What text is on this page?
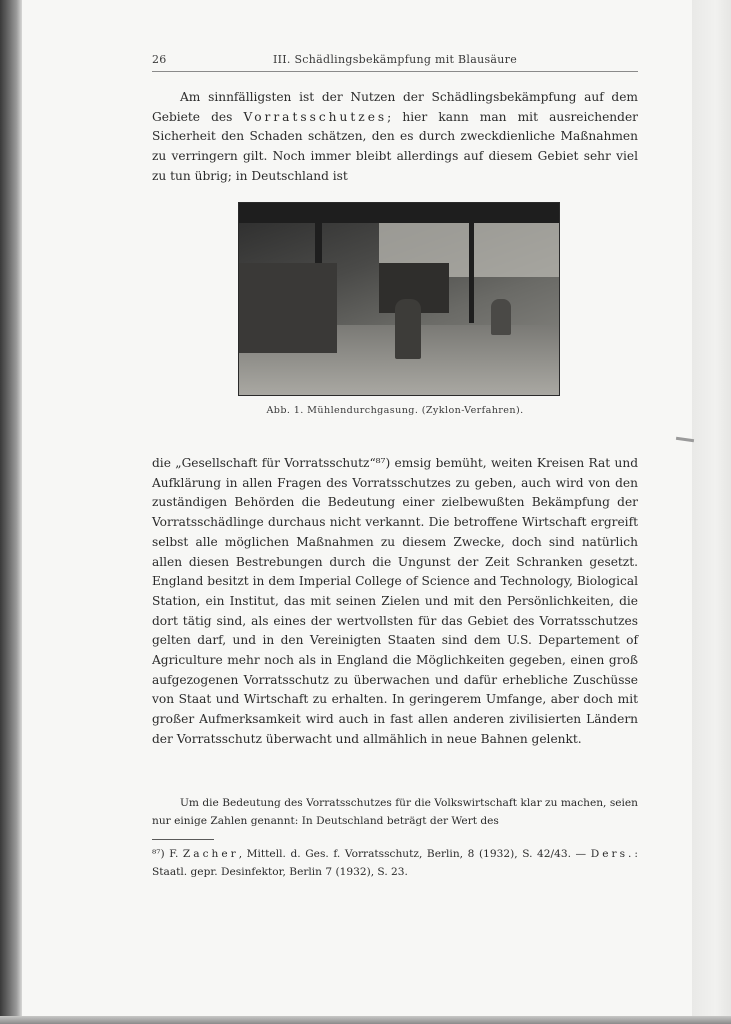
26	III. Schädlingsbekämpfung mit Blausäure
Am sinnfälligsten ist der Nutzen der Schädlingsbekämpfung auf dem Gebiete des Vorratsschutzes; hier kann man mit ausreichender Sicherheit den Schaden schätzen, den es durch zweckdienliche Maßnahmen zu verringern gilt. Noch immer bleibt allerdings auf diesem Gebiet sehr viel zu tun übrig; in Deutschland ist
Abb. 1. Mühlendurchgasung. (Zyklon-Verfahren).
die „Gesellschaft für Vorratsschutz“⁸⁷) emsig bemüht, weiten Kreisen Rat und Aufklärung in allen Fragen des Vorratsschutzes zu geben, auch wird von den zuständigen Behörden die Bedeutung einer zielbewußten Bekämpfung der Vorratsschädlinge durchaus nicht verkannt. Die betroffene Wirtschaft ergreift selbst alle möglichen Maßnahmen zu diesem Zwecke, doch sind natürlich allen diesen Bestrebungen durch die Ungunst der Zeit Schranken gesetzt. England besitzt in dem Imperial College of Science and Technology, Biological Station, ein Institut, das mit seinen Zielen und mit den Persönlichkeiten, die dort tätig sind, als eines der wertvollsten für das Gebiet des Vorratsschutzes gelten darf, und in den Vereinigten Staaten sind dem U.S. Departement of Agriculture mehr noch als in England die Möglichkeiten gegeben, einen groß aufgezogenen Vorratsschutz zu überwachen und dafür erhebliche Zuschüsse von Staat und Wirtschaft zu erhalten. In geringerem Umfange, aber doch mit großer Aufmerksamkeit wird auch in fast allen anderen zivilisierten Ländern der Vorratsschutz überwacht und allmählich in neue Bahnen gelenkt.
Um die Bedeutung des Vorratsschutzes für die Volkswirtschaft klar zu machen, seien nur einige Zahlen genannt: In Deutschland beträgt der Wert des
⁸⁷) F. Zacher, Mittell. d. Ges. f. Vorratsschutz, Berlin, 8 (1932), S. 42/43. — Ders.: Staatl. gepr. Desinfektor, Berlin 7 (1932), S. 23.
